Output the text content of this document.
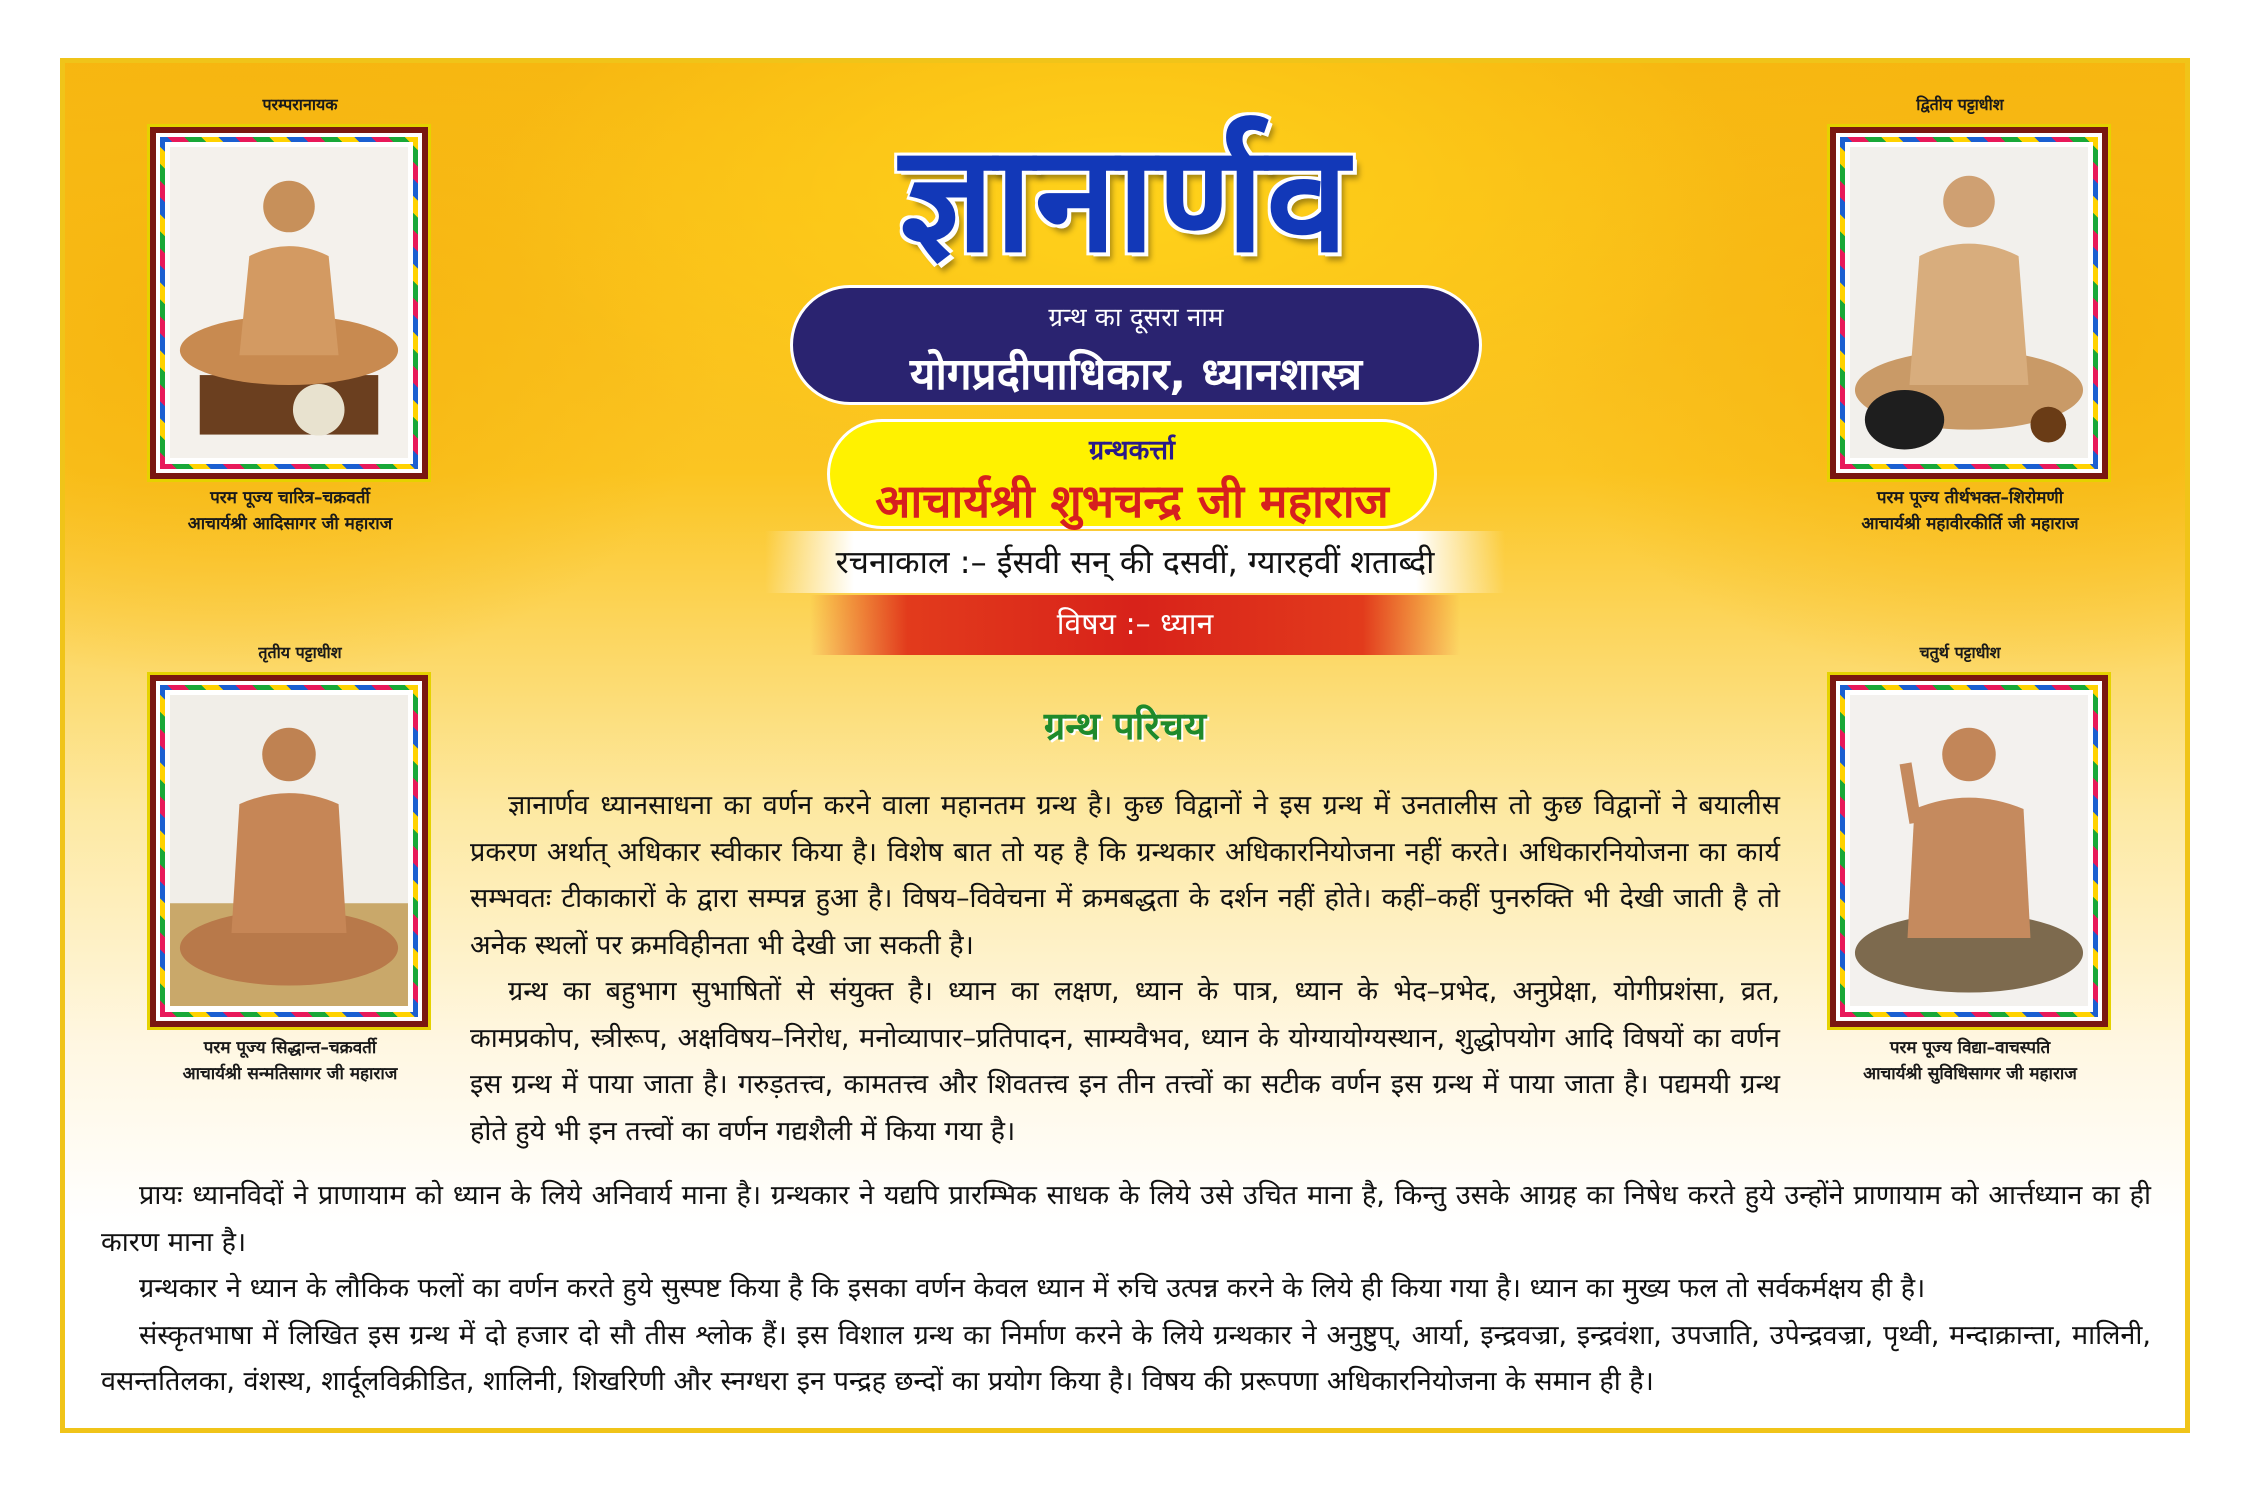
ज्ञानार्णव
ग्रन्थ का दूसरा नाम
योगप्रदीपाधिकार, ध्यानशास्त्र
ग्रन्थकर्त्ता
आचार्यश्री शुभचन्द्र जी महाराज
रचनाकाल :– ईसवी सन् की दसवीं, ग्यारहवीं शताब्दी
विषय :– ध्यान
ग्रन्थ परिचय
परम्परानायक
परम पूज्य चारित्र–चक्रवर्ती
आचार्यश्री आदिसागर जी महाराज
द्वितीय पट्टाधीश
परम पूज्य तीर्थभक्त–शिरोमणी
आचार्यश्री महावीरकीर्ति जी महाराज
तृतीय पट्टाधीश
परम पूज्य सिद्धान्त–चक्रवर्ती
आचार्यश्री सन्मतिसागर जी महाराज
चतुर्थ पट्टाधीश
परम पूज्य विद्या–वाचस्पति
आचार्यश्री सुविधिसागर जी महाराज

ज्ञानार्णव ध्यानसाधना का वर्णन करने वाला महानतम ग्रन्थ है। कुछ विद्वानों ने इस ग्रन्थ में उनतालीस तो कुछ विद्वानों ने बयालीस प्रकरण अर्थात् अधिकार स्वीकार किया है। विशेष बात तो यह है कि ग्रन्थकार अधिकारनियोजना नहीं करते। अधिकारनियोजना का कार्य सम्भवतः टीकाकारों के द्वारा सम्पन्न हुआ है। विषय–विवेचना में क्रमबद्धता के दर्शन नहीं होते। कहीं–कहीं पुनरुक्ति भी देखी जाती है तो अनेक स्थलों पर क्रमविहीनता भी देखी जा सकती है।

ग्रन्थ का बहुभाग सुभाषितों से संयुक्त है। ध्यान का लक्षण, ध्यान के पात्र, ध्यान के भेद–प्रभेद, अनुप्रेक्षा, योगीप्रशंसा, व्रत, कामप्रकोप, स्त्रीरूप, अक्षविषय–निरोध, मनोव्यापार–प्रतिपादन, साम्यवैभव, ध्यान के योग्यायोग्यस्थान, शुद्धोपयोग आदि विषयों का वर्णन इस ग्रन्थ में पाया जाता है। गरुड़तत्त्व, कामतत्त्व और शिवतत्त्व इन तीन तत्त्वों का सटीक वर्णन इस ग्रन्थ में पाया जाता है। पद्यमयी ग्रन्थ होते हुये भी इन तत्त्वों का वर्णन गद्यशैली में किया गया है।

प्रायः ध्यानविदों ने प्राणायाम को ध्यान के लिये अनिवार्य माना है। ग्रन्थकार ने यद्यपि प्रारम्भिक साधक के लिये उसे उचित माना है, किन्तु उसके आग्रह का निषेध करते हुये उन्होंने प्राणायाम को आर्त्तध्यान का ही कारण माना है।

ग्रन्थकार ने ध्यान के लौकिक फलों का वर्णन करते हुये सुस्पष्ट किया है कि इसका वर्णन केवल ध्यान में रुचि उत्पन्न करने के लिये ही किया गया है। ध्यान का मुख्य फल तो सर्वकर्मक्षय ही है।

संस्कृतभाषा में लिखित इस ग्रन्थ में दो हजार दो सौ तीस श्लोक हैं। इस विशाल ग्रन्थ का निर्माण करने के लिये ग्रन्थकार ने अनुष्टुप्, आर्या, इन्द्रवज्रा, इन्द्रवंशा, उपजाति, उपेन्द्रवज्रा, पृथ्वी, मन्दाक्रान्ता, मालिनी, वसन्ततिलका, वंशस्थ, शार्दूलविक्रीडित, शालिनी, शिखरिणी और स्नग्धरा इन पन्द्रह छन्दों का प्रयोग किया है। विषय की प्ररूपणा अधिकारनियोजना के समान ही है।
